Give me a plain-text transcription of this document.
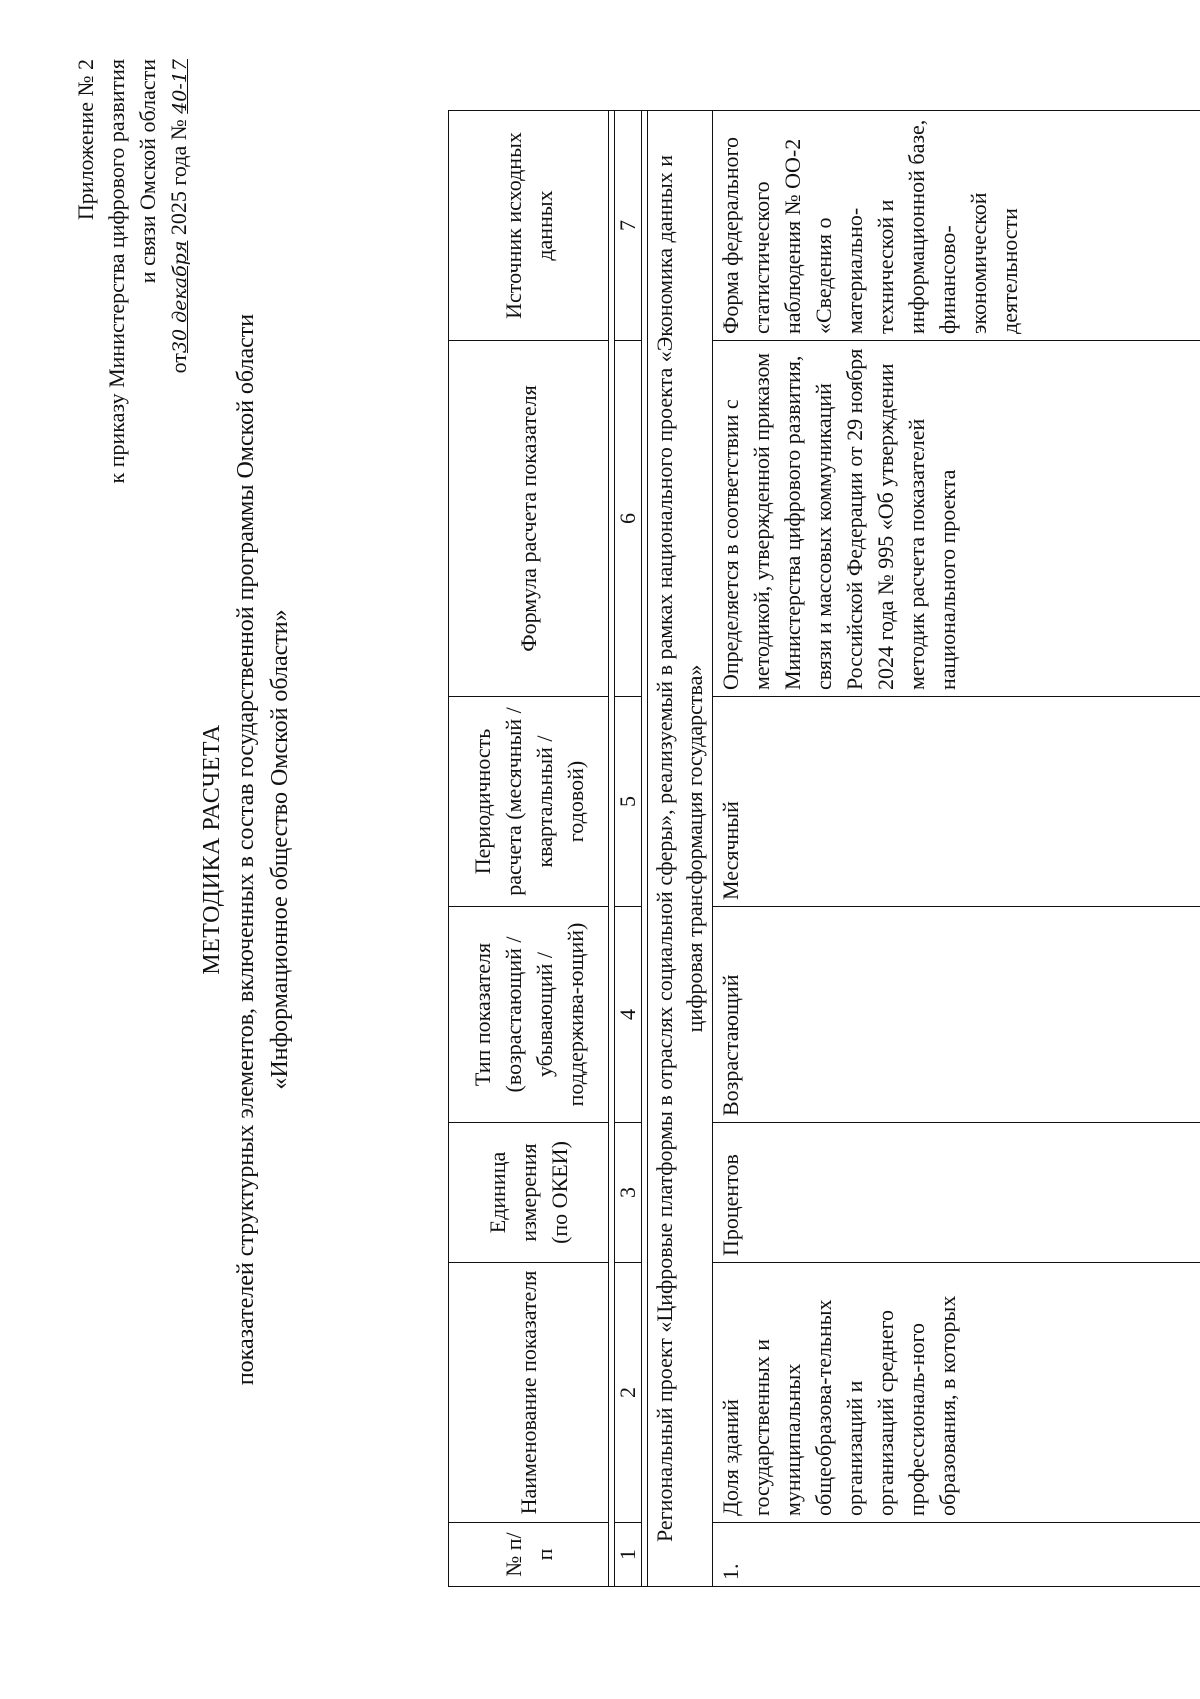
Приложение № 2 к приказу Министерства цифрового развития и связи Омской области
от30 декабря 2025 года № 40-17
МЕТОДИКА РАСЧЕТА показателей структурных элементов, включенных в состав государственной программы Омской области «Информационное общество Омской области»
№ п/п	Наименование показателя	Единица измерения (по ОКЕИ)	Тип показателя (возрастающий / убывающий / поддержива-ющий)	Периодичность расчета (месячный / квартальный / годовой)	Формула расчета показателя	Источник исходных данных

1	2	3	4	5	6	7

Региональный проект «Цифровые платформы в отраслях социальной сферы», реализуемый в рамках национального проекта «Экономика данных и цифровая трансформация государства»						
1.	Доля зданий государственных и муниципальных общеобразова-тельных организаций и организаций среднего профессиональ-ного образования, в которых	Процентов	Возрастающий	Месячный	Определяется в соответствии с методикой, утвержденной приказом Министерства цифрового развития, связи и массовых коммуникаций Российской Федерации от 29 ноября 2024 года № 995 «Об утверждении методик расчета показателей национального проекта	Форма федерального статистического наблюдения № ОО-2 «Сведения о материально-технической и информационной базе, финансово-экономической деятельности
